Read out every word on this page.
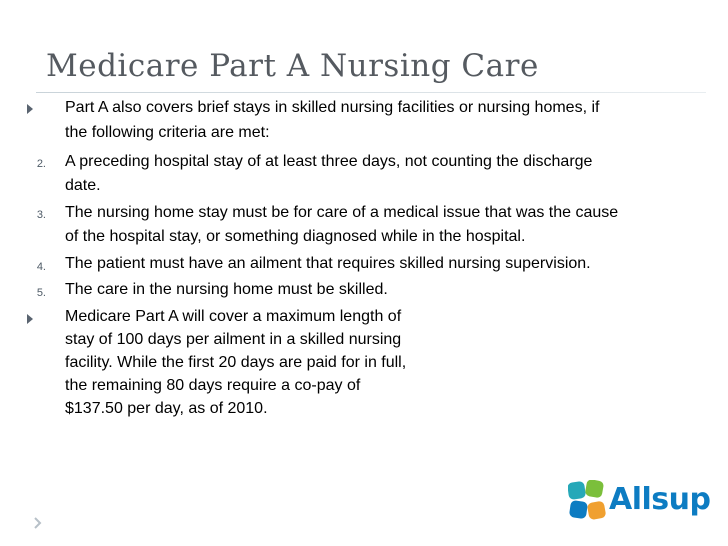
Medicare Part A Nursing Care
Part A also covers brief stays in skilled nursing facilities or nursing homes, if
the following criteria are met:
2. A preceding hospital stay of at least three days, not counting the discharge
date.
3. The nursing home stay must be for care of a medical issue that was the cause
of the hospital stay, or something diagnosed while in the hospital.
4. The patient must have an ailment that requires skilled nursing supervision.
5. The care in the nursing home must be skilled.
Medicare Part A will cover a maximum length of
stay of 100 days per ailment in a skilled nursing
facility. While the first 20 days are paid for in full,
the remaining 80 days require a co-pay of
$137.50 per day, as of 2010.
Allsup
